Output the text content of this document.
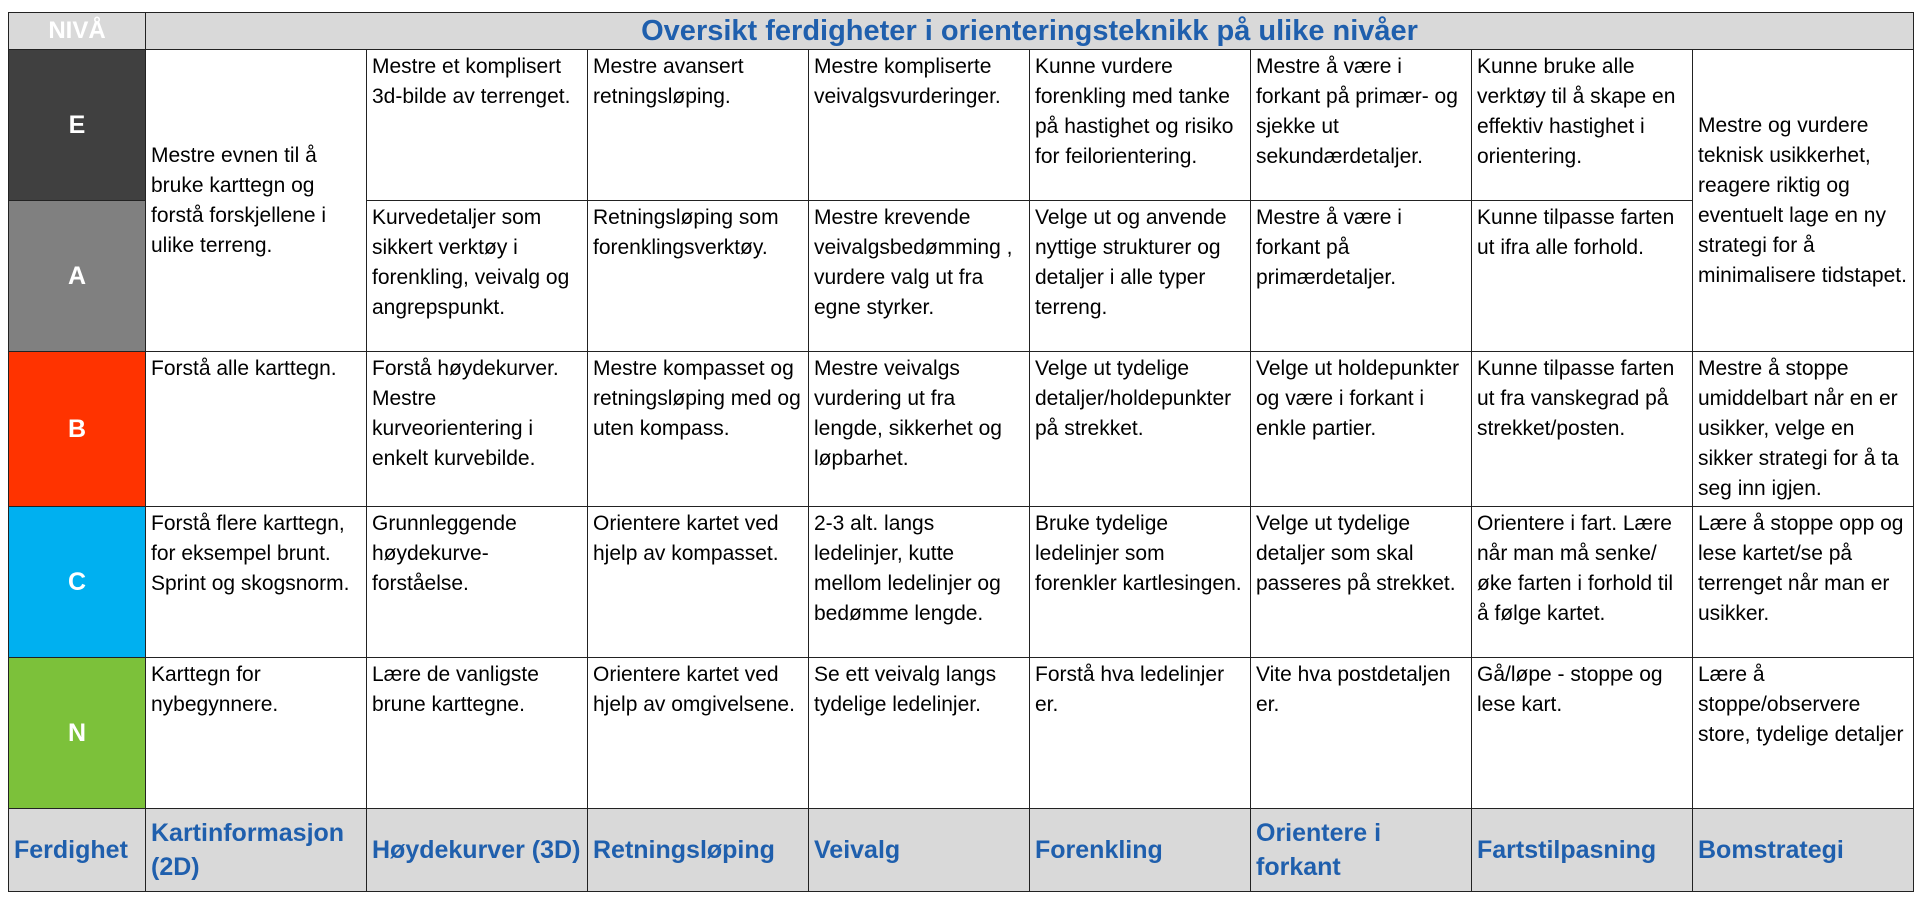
NIVÅ	Oversikt ferdigheter i orienteringsteknikk på ulike nivåer							
E	Mestre evnen til å bruke karttegn og forstå forskjellene i ulike terreng.	Mestre et komplisert 3d-bilde av terrenget.	Mestre avansert retningsløping.	Mestre kompliserte veivalgsvurderinger.	Kunne vurdere forenkling med tanke på hastighet og risiko for feilorientering.	Mestre å være i forkant på primær- og sjekke ut sekundærdetaljer.	Kunne bruke alle verktøy til å skape en effektiv hastighet i orientering.	Mestre og vurdere teknisk usikkerhet, reagere riktig og eventuelt lage en ny strategi for å minimalisere tidstapet.
A		Kurvedetaljer som sikkert verktøy i forenkling, veivalg og angrepspunkt.	Retningsløping som forenklingsverktøy.	Mestre krevende veivalgsbedømming , vurdere valg ut fra egne styrker.	Velge ut og anvende nyttige strukturer og detaljer i alle typer terreng.	Mestre å være i forkant på primærdetaljer.	Kunne tilpasse farten ut ifra alle forhold.	
B	Forstå alle karttegn.	Forstå høydekurver. Mestre kurveorientering i enkelt kurvebilde.	Mestre kompasset og retningsløping med og uten kompass.	Mestre veivalgs vurdering ut fra lengde, sikkerhet og løpbarhet.	Velge ut tydelige detaljer/holdepunkter på strekket.	Velge ut holdepunkter og være i forkant i enkle partier.	Kunne tilpasse farten ut fra vanskegrad på strekket/posten.	Mestre å stoppe umiddelbart når en er usikker, velge en sikker strategi for å ta seg inn igjen.
C	Forstå flere karttegn, for eksempel brunt. Sprint og skogsnorm.	Grunnleggende høydekurve-forståelse.	Orientere kartet ved hjelp av kompasset.	2-3 alt. langs ledelinjer, kutte mellom ledelinjer og bedømme lengde.	Bruke tydelige ledelinjer som forenkler kartlesingen.	Velge ut tydelige detaljer som skal passeres på strekket.	Orientere i fart. Lære når man må senke/øke farten i forhold til å følge kartet.	Lære å stoppe opp og lese kartet/se på terrenget når man er usikker.
N	Karttegn for nybegynnere.	Lære de vanligste brune karttegne.	Orientere kartet ved hjelp av omgivelsene.	Se ett veivalg langs tydelige ledelinjer.	Forstå hva ledelinjer er.	Vite hva postdetaljen er.	Gå/løpe - stoppe og lese kart.	Lære å stoppe/observere store, tydelige detaljer
Ferdighet	Kartinformasjon (2D)	Høydekurver (3D)	Retningsløping	Veivalg	Forenkling	Orientere i forkant	Fartstilpasning	Bomstrategi
